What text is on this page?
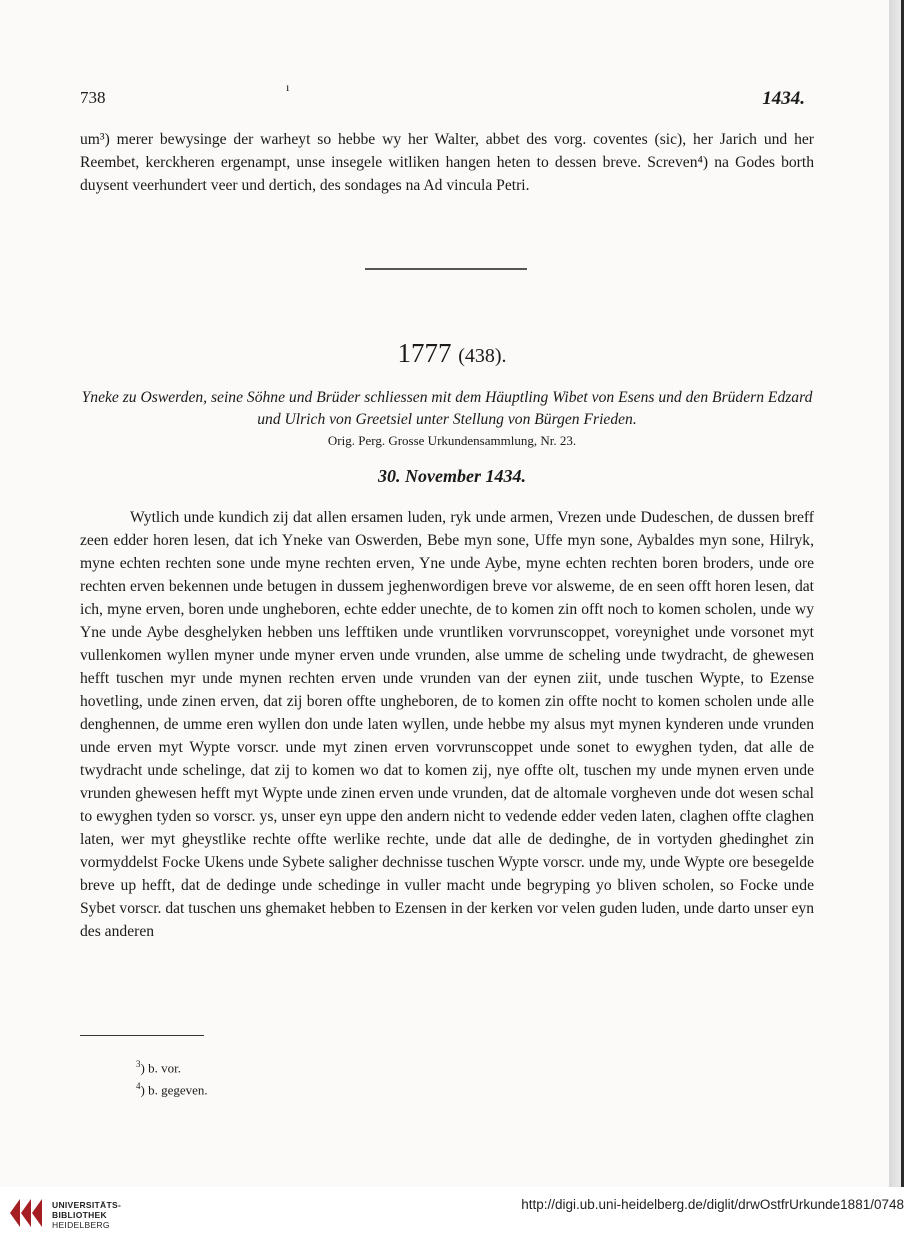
738
ı
1434.

um³) merer bewysinge der warheyt so hebbe wy her Walter, abbet des vorg. coventes (sic), her Jarich und her Reembet, kerckheren ergenampt, unse insegele witliken hangen heten to dessen breve. Screven⁴) na Godes borth duysent veerhundert veer und dertich, des sondages na Ad vincula Petri.

1777 (438).

Yneke zu Oswerden, seine Söhne und Brüder schliessen mit dem Häuptling Wibet von Esens und den Brüdern Edzard und Ulrich von Greetsiel unter Stellung von Bürgen Frieden.

Orig. Perg. Grosse Urkundensammlung, Nr. 23.
30. November 1434.

Wytlich unde kundich zij dat allen ersamen luden, ryk unde armen, Vrezen unde Dudeschen, de dussen breff zeen edder horen lesen, dat ich Yneke van Oswerden, Bebe myn sone, Uffe myn sone, Aybaldes myn sone, Hilryk, myne echten rechten sone unde myne rechten erven, Yne unde Aybe, myne echten rechten boren broders, unde ore rechten erven bekennen unde betugen in dussem jeghenwordigen breve vor alsweme, de en seen offt horen lesen, dat ich, myne erven, boren unde ungheboren, echte edder unechte, de to komen zin offt noch to komen scholen, unde wy Yne unde Aybe desghelyken hebben uns lefftiken unde vruntliken vorvrunscoppet, voreynighet unde vorsonet myt vullenkomen wyllen myner unde myner erven unde vrunden, alse umme de scheling unde twydracht, de ghewesen hefft tuschen myr unde mynen rechten erven unde vrunden van der eynen ziit, unde tuschen Wypte, to Ezense hovetling, unde zinen erven, dat zij boren offte ungheboren, de to komen zin offte nocht to komen scholen unde alle denghennen, de umme eren wyllen don unde laten wyllen, unde hebbe my alsus myt mynen kynderen unde vrunden unde erven myt Wypte vorscr. unde myt zinen erven vorvrunscoppet unde sonet to ewyghen tyden, dat alle de twydracht unde schelinge, dat zij to komen wo dat to komen zij, nye offte olt, tuschen my unde mynen erven unde vrunden ghewesen hefft myt Wypte unde zinen erven unde vrunden, dat de altomale vorgheven unde dot wesen schal to ewyghen tyden so vorscr. ys, unser eyn uppe den andern nicht to vedende edder veden laten, claghen offte claghen laten, wer myt gheystlike rechte offte werlike rechte, unde dat alle de dedinghe, de in vortyden ghedinghet zin vormyddelst Focke Ukens unde Sybete saligher dechnisse tuschen Wypte vorscr. unde my, unde Wypte ore besegelde breve up hefft, dat de dedinge unde schedinge in vuller macht unde begryping yo bliven scholen, so Focke unde Sybet vorscr. dat tuschen uns ghemaket hebben to Ezensen in der kerken vor velen guden luden, unde darto unser eyn des anderen

$^3$) b. vor.
$^4$) b. gegeven.
UNIVERSITÄTS-
BIBLIOTHEK
HEIDELBERG
http://digi.ub.uni-heidelberg.de/diglit/drwOstfrUrkunde1881/0748
